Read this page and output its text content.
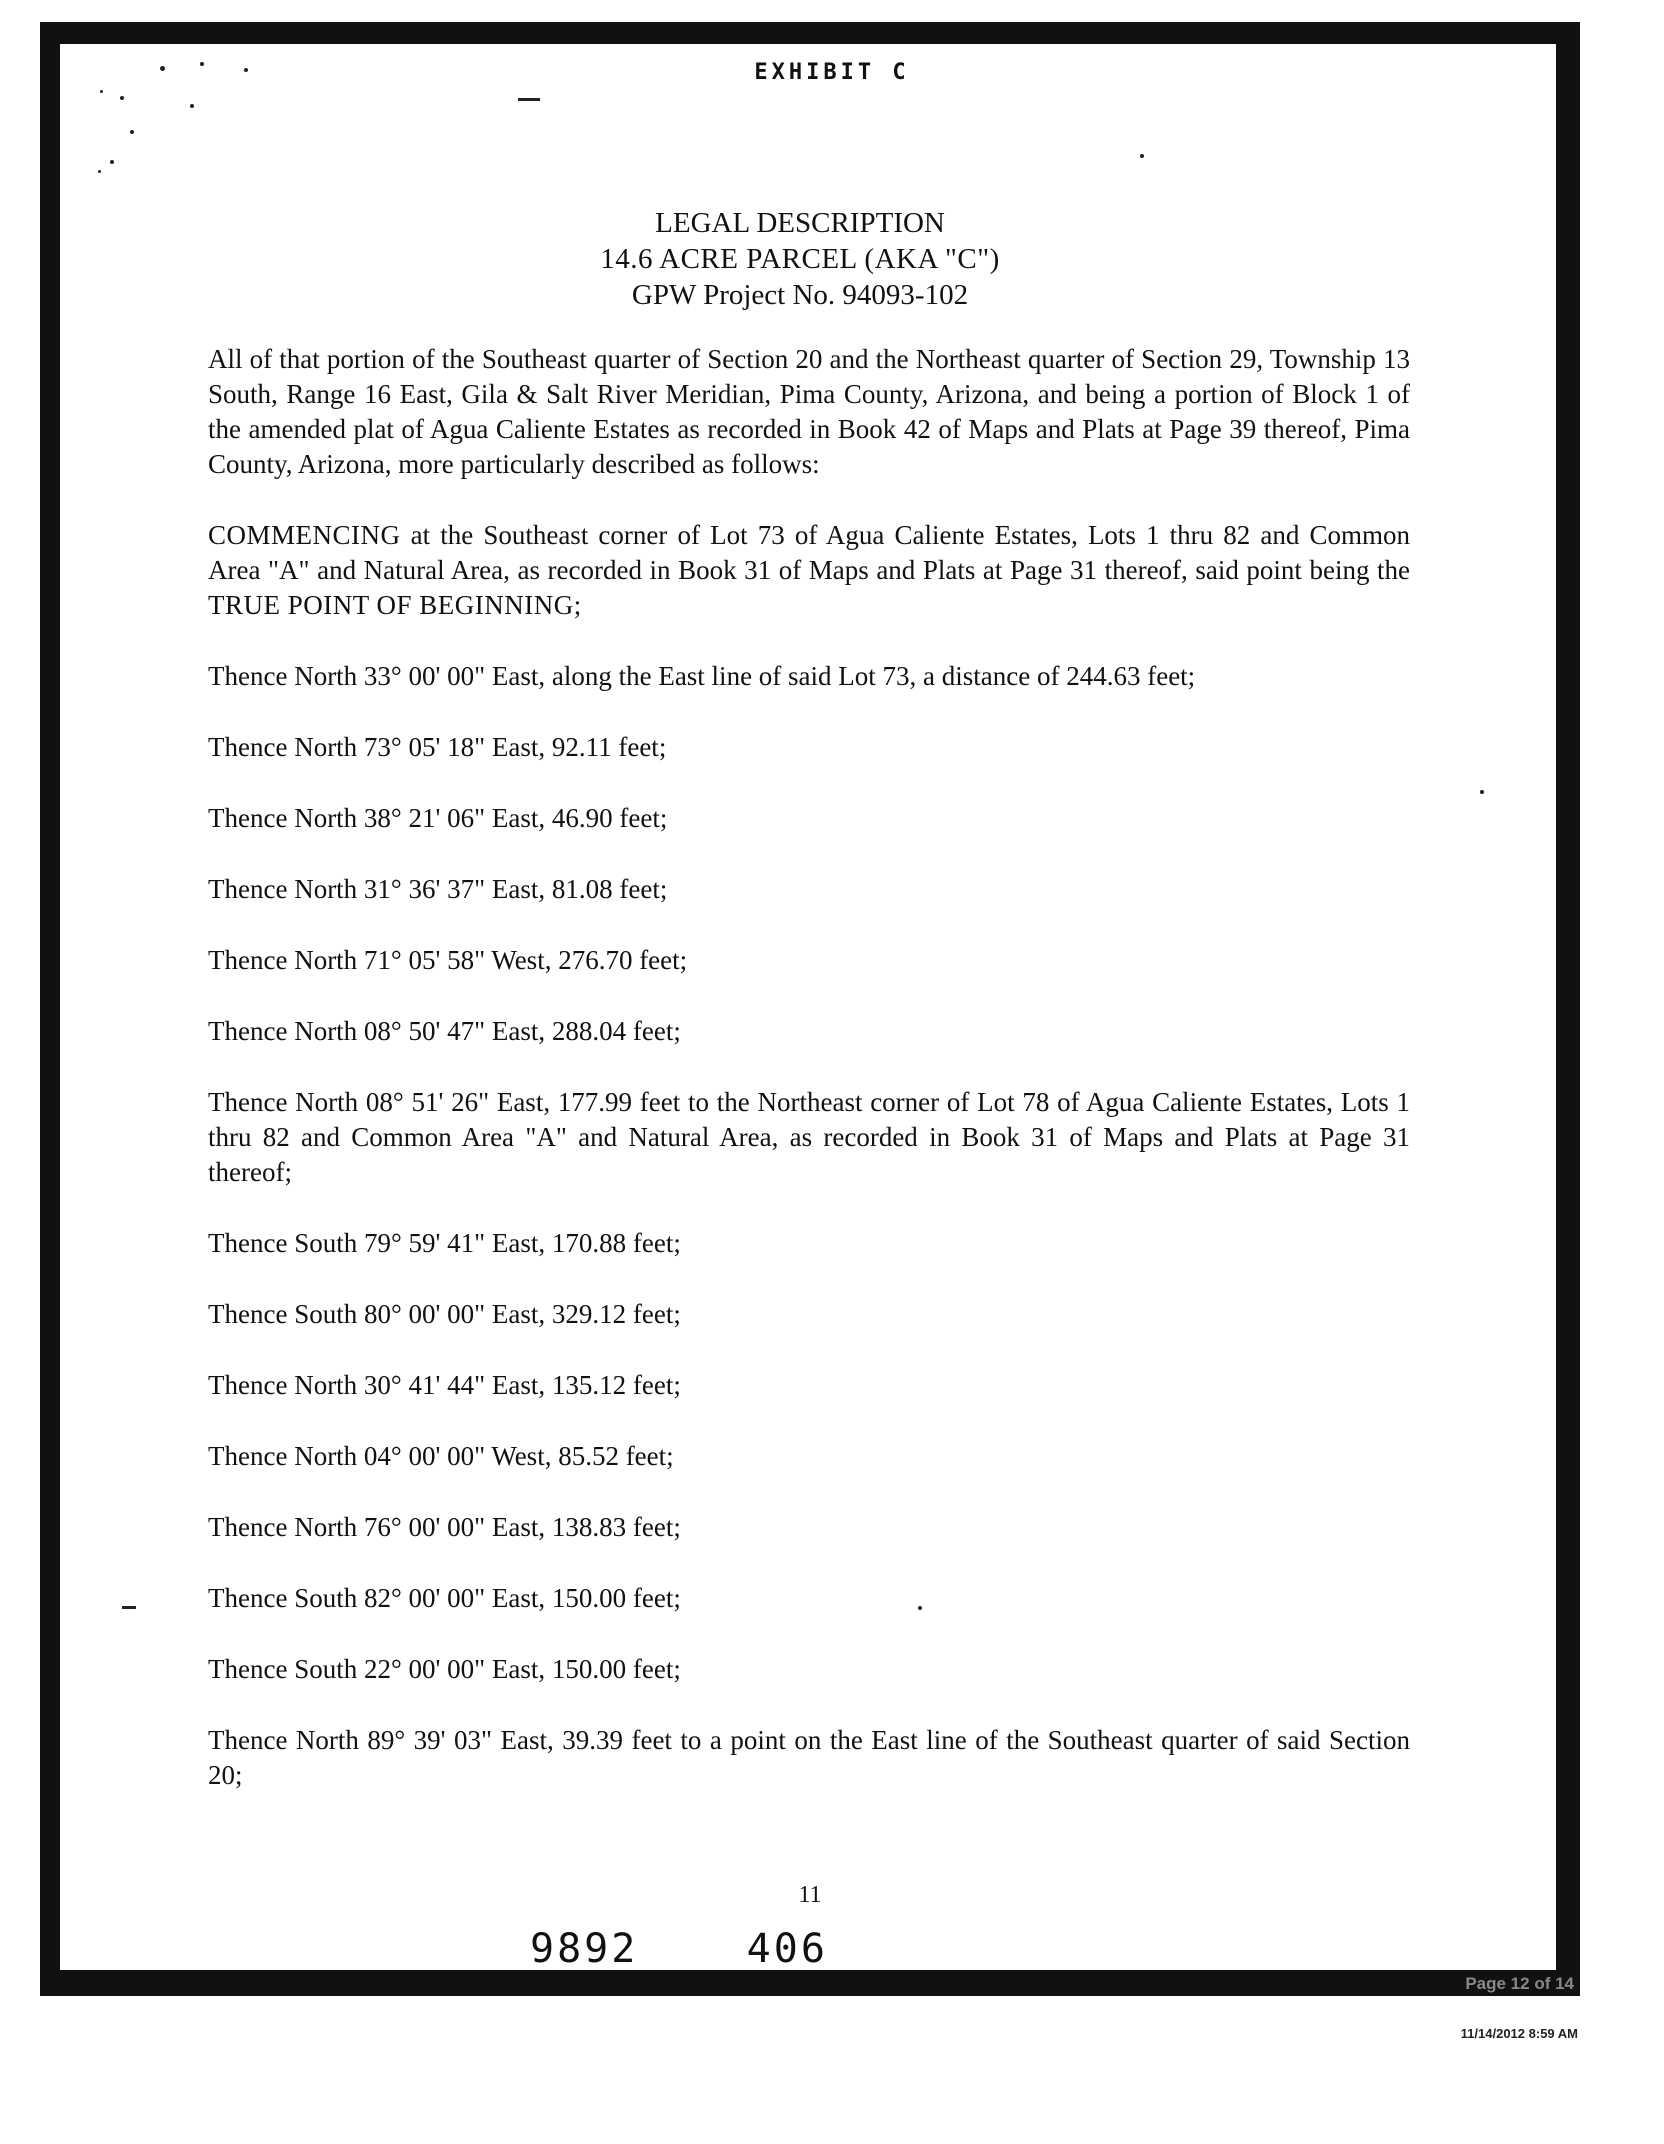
EXHIBIT C
LEGAL DESCRIPTION
14.6 ACRE PARCEL (AKA "C")
GPW Project No. 94093-102

All of that portion of the Southeast quarter of Section 20 and the Northeast quarter of Section 29, Township 13 South, Range 16 East, Gila & Salt River Meridian, Pima County, Arizona, and being a portion of Block 1 of the amended plat of Agua Caliente Estates as recorded in Book 42 of Maps and Plats at Page 39 thereof, Pima County, Arizona, more particularly described as follows:

COMMENCING at the Southeast corner of Lot 73 of Agua Caliente Estates, Lots 1 thru 82 and Common Area "A" and Natural Area, as recorded in Book 31 of Maps and Plats at Page 31 thereof, said point being the TRUE POINT OF BEGINNING;

Thence North 33° 00' 00" East, along the East line of said Lot 73, a distance of 244.63 feet;

Thence North 73° 05' 18" East, 92.11 feet;

Thence North 38° 21' 06" East, 46.90 feet;

Thence North 31° 36' 37" East, 81.08 feet;

Thence North 71° 05' 58" West, 276.70 feet;

Thence North 08° 50' 47" East, 288.04 feet;

Thence North 08° 51' 26" East, 177.99 feet to the Northeast corner of Lot 78 of Agua Caliente Estates, Lots 1 thru 82 and Common Area "A" and Natural Area, as recorded in Book 31 of Maps and Plats at Page 31 thereof;

Thence South 79° 59' 41" East, 170.88 feet;

Thence South 80° 00' 00" East, 329.12 feet;

Thence North 30° 41' 44" East, 135.12 feet;

Thence North 04° 00' 00" West, 85.52 feet;

Thence North 76° 00' 00" East, 138.83 feet;

Thence South 82° 00' 00" East, 150.00 feet;

Thence South 22° 00' 00" East, 150.00 feet;

Thence North 89° 39' 03" East, 39.39 feet to a point on the East line of the Southeast quarter of said Section 20;

11
9892    406
Page 12 of 14
11/14/2012 8:59 AM
